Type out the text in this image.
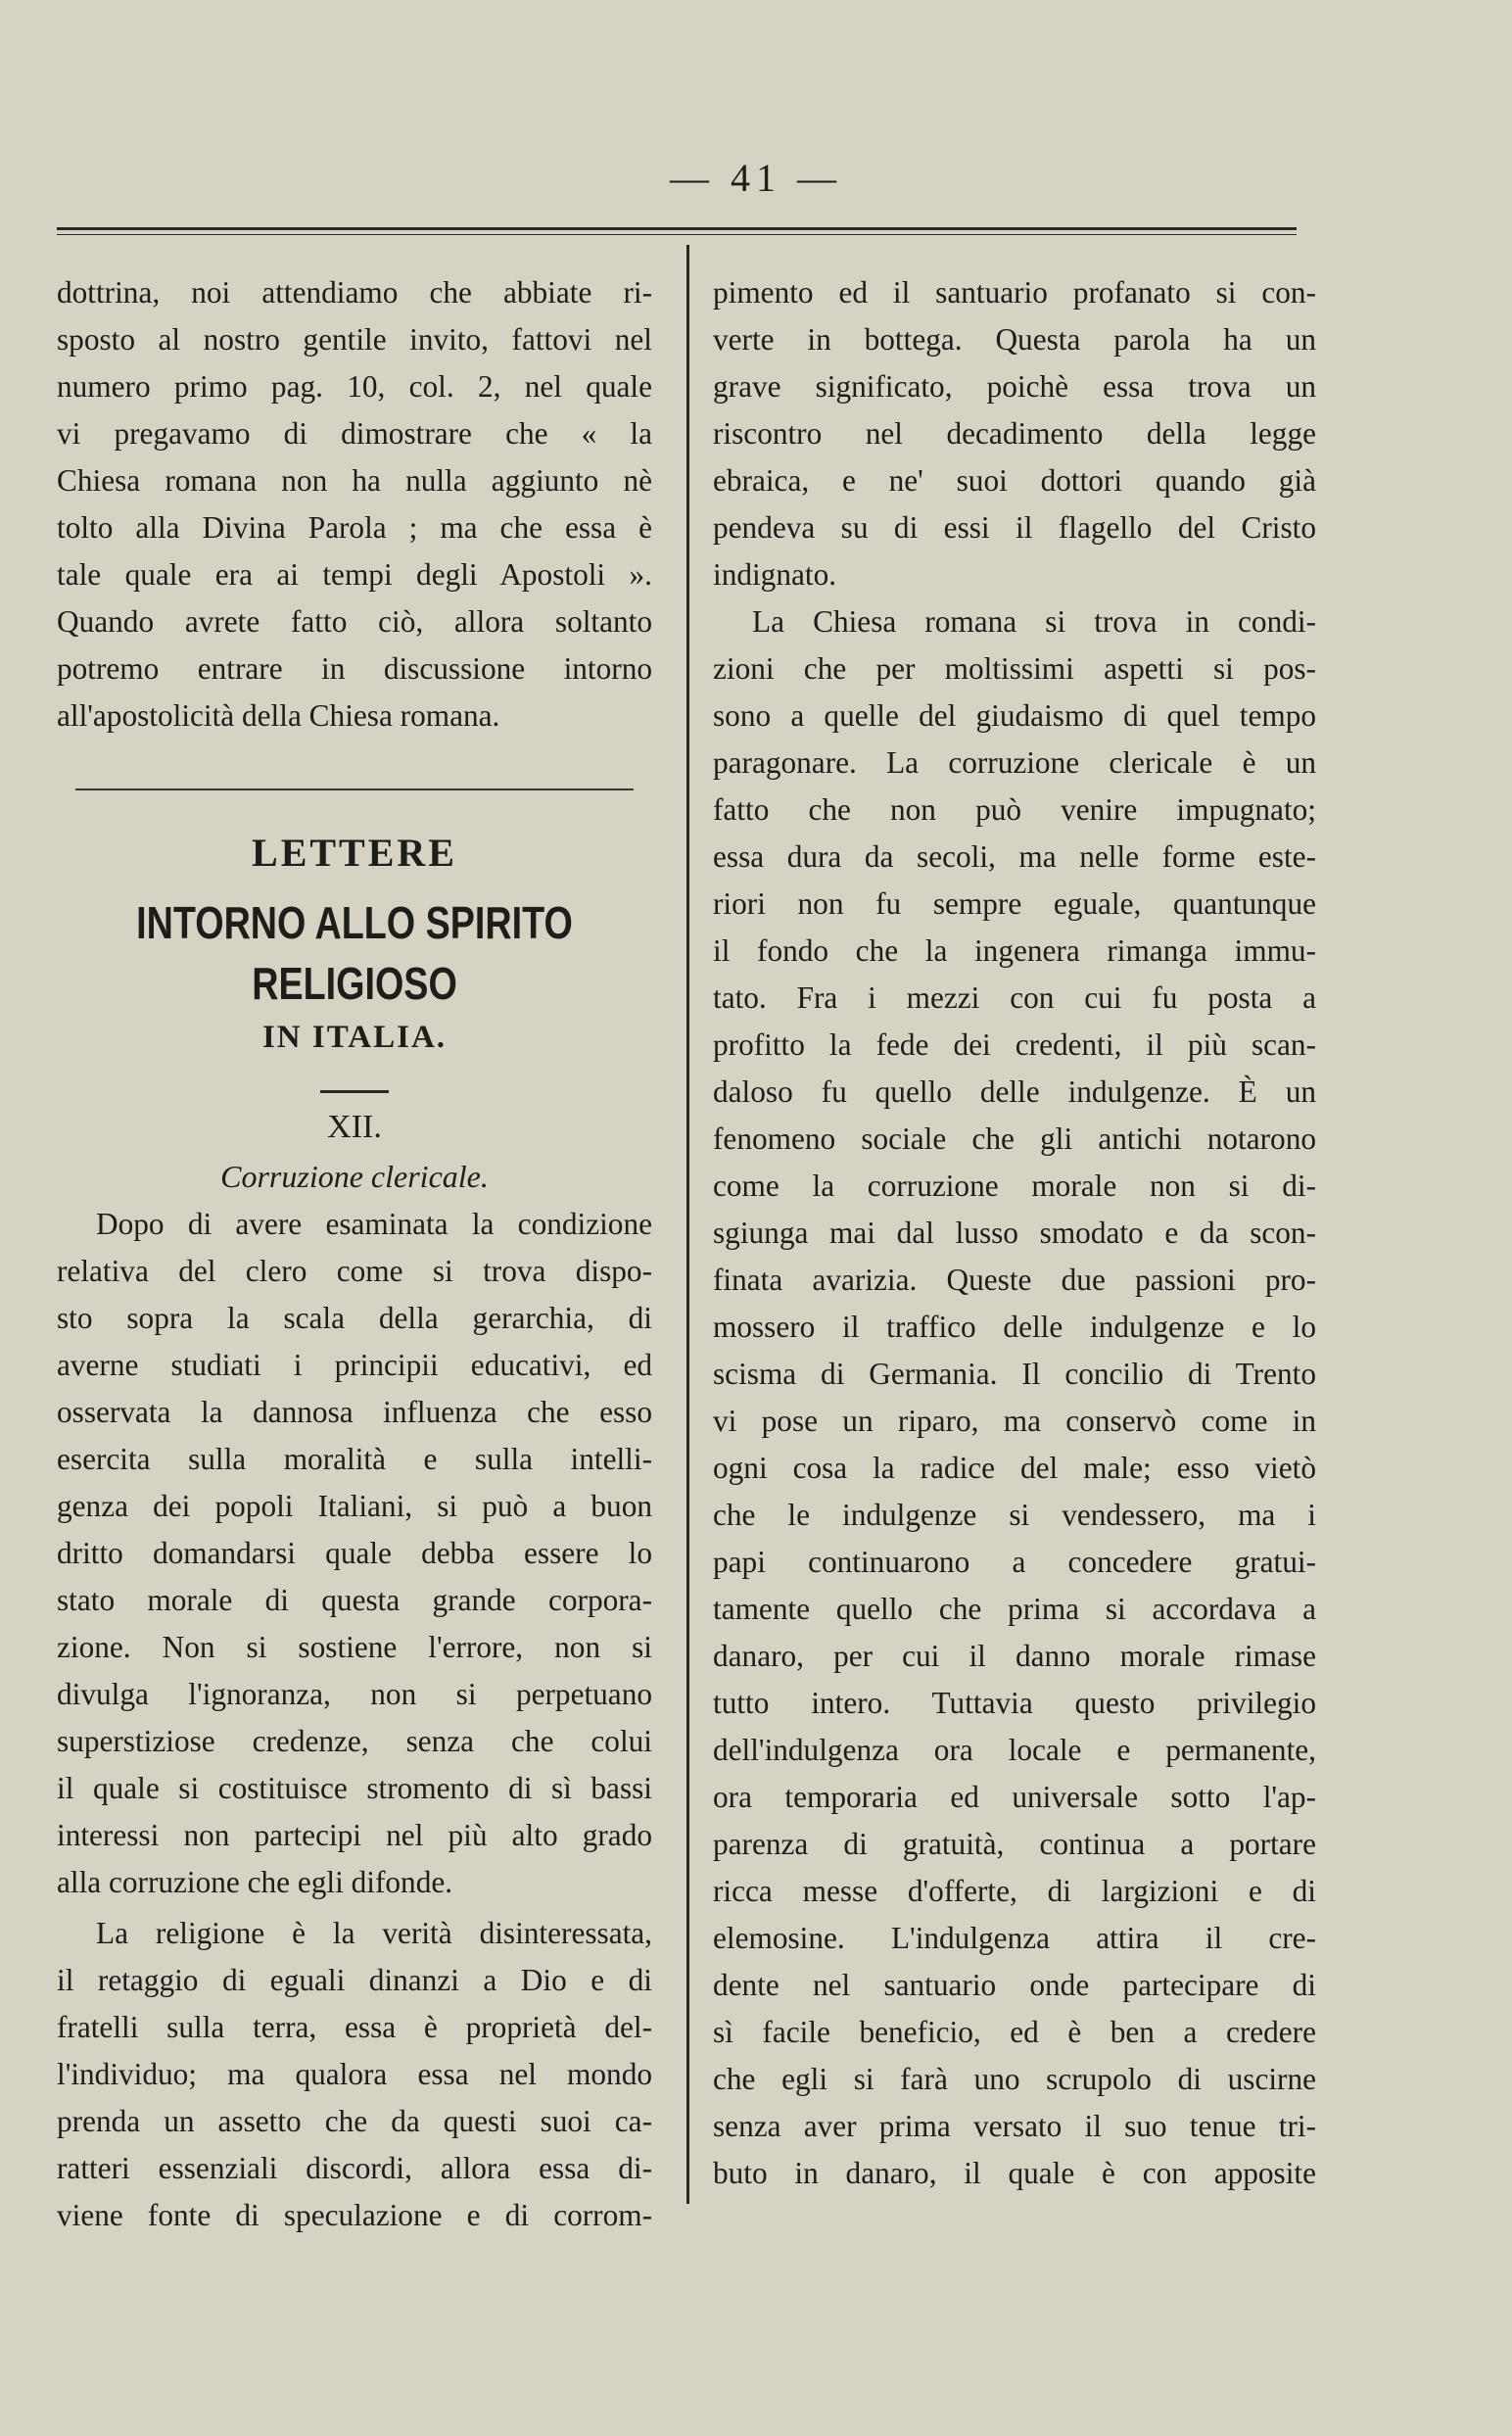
— 41 —

dottrina, noi attendiamo che abbiate ri-
sposto al nostro gentile invito, fattovi nel
numero primo pag. 10, col. 2, nel quale
vi pregavamo di dimostrare che « la
Chiesa romana non ha nulla aggiunto nè
tolto alla Divina Parola ; ma che essa è
tale quale era ai tempi degli Apostoli ».
Quando avrete fatto ciò, allora soltanto
potremo entrare in discussione intorno
all'apostolicità della Chiesa romana.

LETTERE
INTORNO ALLO SPIRITO RELIGIOSO
IN ITALIA.
XII.
Corruzione clericale.

Dopo di avere esaminata la condizione
relativa del clero come si trova dispo-
sto sopra la scala della gerarchia, di
averne studiati i principii educativi, ed
osservata la dannosa influenza che esso
esercita sulla moralità e sulla intelli-
genza dei popoli Italiani, si può a buon
dritto domandarsi quale debba essere lo
stato morale di questa grande corpora-
zione. Non si sostiene l'errore, non si
divulga l'ignoranza, non si perpetuano
superstiziose credenze, senza che colui
il quale si costituisce stromento di sì bassi
interessi non partecipi nel più alto grado
alla corruzione che egli difonde.

La religione è la verità disinteressata,
il retaggio di eguali dinanzi a Dio e di
fratelli sulla terra, essa è proprietà del-
l'individuo; ma qualora essa nel mondo
prenda un assetto che da questi suoi ca-
ratteri essenziali discordi, allora essa di-
viene fonte di speculazione e di corrom-

pimento ed il santuario profanato si con-
verte in bottega. Questa parola ha un
grave significato, poichè essa trova un
riscontro nel decadimento della legge
ebraica, e ne' suoi dottori quando già
pendeva su di essi il flagello del Cristo
indignato.

La Chiesa romana si trova in condi-
zioni che per moltissimi aspetti si pos-
sono a quelle del giudaismo di quel tempo
paragonare. La corruzione clericale è un
fatto che non può venire impugnato;
essa dura da secoli, ma nelle forme este-
riori non fu sempre eguale, quantunque
il fondo che la ingenera rimanga immu-
tato. Fra i mezzi con cui fu posta a
profitto la fede dei credenti, il più scan-
daloso fu quello delle indulgenze. È un
fenomeno sociale che gli antichi notarono
come la corruzione morale non si di-
sgiunga mai dal lusso smodato e da scon-
finata avarizia. Queste due passioni pro-
mossero il traffico delle indulgenze e lo
scisma di Germania. Il concilio di Trento
vi pose un riparo, ma conservò come in
ogni cosa la radice del male; esso vietò
che le indulgenze si vendessero, ma i
papi continuarono a concedere gratui-
tamente quello che prima si accordava a
danaro, per cui il danno morale rimase
tutto intero. Tuttavia questo privilegio
dell'indulgenza ora locale e permanente,
ora temporaria ed universale sotto l'ap-
parenza di gratuità, continua a portare
ricca messe d'offerte, di largizioni e di
elemosine. L'indulgenza attira il cre-
dente nel santuario onde partecipare di
sì facile beneficio, ed è ben a credere
che egli si farà uno scrupolo di uscirne
senza aver prima versato il suo tenue tri-
buto in danaro, il quale è con apposite
